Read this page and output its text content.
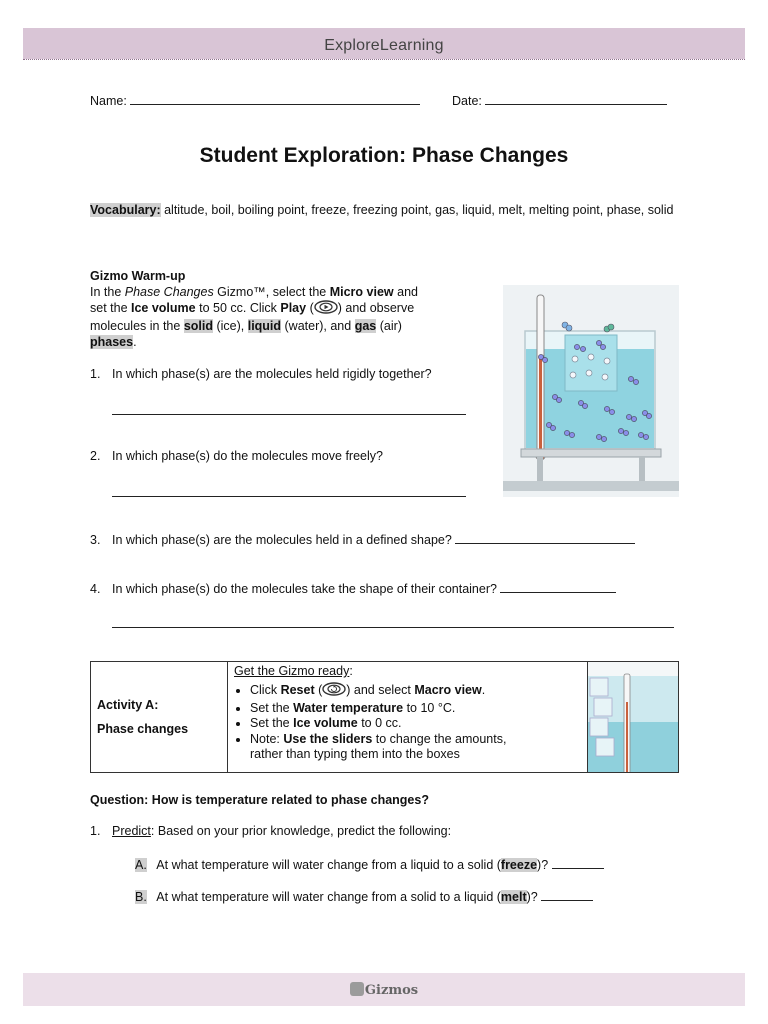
ExploreLearning
Name:	Date:
Student Exploration: Phase Changes
Vocabulary: altitude, boil, boiling point, freeze, freezing point, gas, liquid, melt, melting point, phase, solid
Gizmo Warm-up
In the Phase Changes Gizmo™, select the Micro view and
set the Ice volume to 50 cc. Click Play ( ) and observe
molecules in the solid (ice), liquid (water), and gas (air)
phases.
1. In which phase(s) are the molecules held rigidly together?
2. In which phase(s) do the molecules move freely?
3. In which phase(s) are the molecules held in a defined shape?
4. In which phase(s) do the molecules take the shape of their container?
Activity A:
Phase changes

Get the Gizmo ready:
• Click Reset ( ) and select Macro view.
• Set the Water temperature to 10 °C.
• Set the Ice volume to 0 cc.
• Note: Use the sliders to change the amounts,
rather than typing them into the boxes

Question: How is temperature related to phase changes?
1. Predict: Based on your prior knowledge, predict the following:
A. At what temperature will water change from a liquid to a solid (freeze)?
B. At what temperature will water change from a solid to a liquid (melt)?
Gizmos
